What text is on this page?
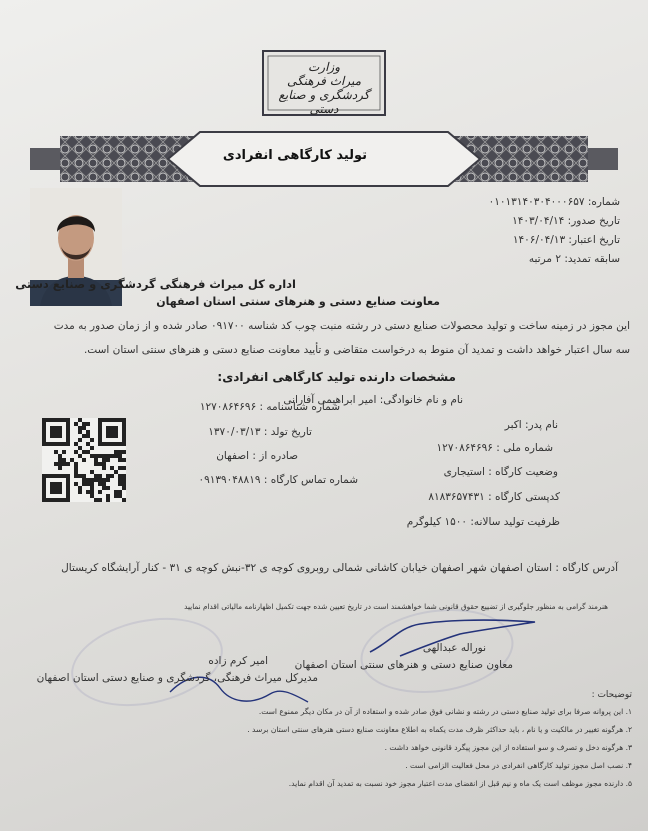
وزارت
میراث فرهنگی
گردشگری و صنایع دستی
تولید کارگاهی انفرادی
شماره: ۰۱۰۱۳۱۴۰۳۰۴۰۰۰۶۵۷
تاریخ صدور: ۱۴۰۳/۰۴/۱۴
تاریخ اعتبار: ۱۴۰۶/۰۴/۱۳
سابقه تمدید: ۲ مرتبه
اداره کل میراث فرهنگی گردشگری و صنایع دستی
معاونت صنایع دستی و هنرهای سنتی استان اصفهان
این مجوز در زمینه ساخت و تولید محصولات صنایع دستی در رشته منبت چوب کد شناسه ۰۹۱۷۰۰ صادر شده و از زمان صدور به مدت
سه سال اعتبار خواهد داشت و تمدید آن منوط به درخواست متقاضی و تأیید معاونت صنایع دستی و هنرهای سنتی استان است.
مشخصات دارنده تولید کارگاهی انفرادی:
نام و نام خانوادگی: امیر ابراهیمی آفارانی
نام پدر: اکبر
شماره ملی : ۱۲۷۰۸۶۴۶۹۶
وضعیت کارگاه : استیجاری
کدپستی کارگاه : ۸۱۸۳۶۵۷۴۳۱
ظرفیت تولید سالانه: ۱۵۰۰ کیلوگرم
شماره شناسنامه : ۱۲۷۰۸۶۴۶۹۶
تاریخ تولد : ۱۳۷۰/۰۳/۱۳
صادره از : اصفهان
شماره تماس کارگاه : ۰۹۱۳۹۰۴۸۸۱۹
آدرس کارگاه : استان اصفهان شهر اصفهان خیابان کاشانی شمالی روبروی کوچه ی ۳۲-نبش کوچه ی ۳۱ - کنار آرایشگاه کریستال
هنرمند گرامی به منظور جلوگیری از تضییع حقوق قانونی شما خواهشمند است در تاریخ تعیین شده جهت تکمیل اظهارنامه مالیاتی اقدام نمایید
نوراله عبدالهی
معاون صنایع دستی و هنرهای سنتی استان اصفهان
امیر کرم زاده
مدیرکل میراث فرهنگی، گردشگری و صنایع دستی استان اصفهان
توضیحات :
۱. این پروانه صرفا برای تولید صنایع دستی در رشته و نشانی فوق صادر شده و استفاده از آن در مکان دیگر ممنوع است.
۲. هرگونه تغییر در مالکیت و یا نام ، باید حداکثر ظرف مدت یکماه به اطلاع معاونت صنایع دستی هنرهای سنتی استان برسد .
۳. هرگونه دخل و تصرف و سو استفاده از این مجوز پیگرد قانونی خواهد داشت .
۴. نصب اصل مجوز تولید کارگاهی انفرادی در محل فعالیت الزامی است .
۵. دارنده مجوز موظف است یک ماه و نیم قبل از انقضای مدت اعتبار مجوز خود نسبت به تمدید آن اقدام نماید.
